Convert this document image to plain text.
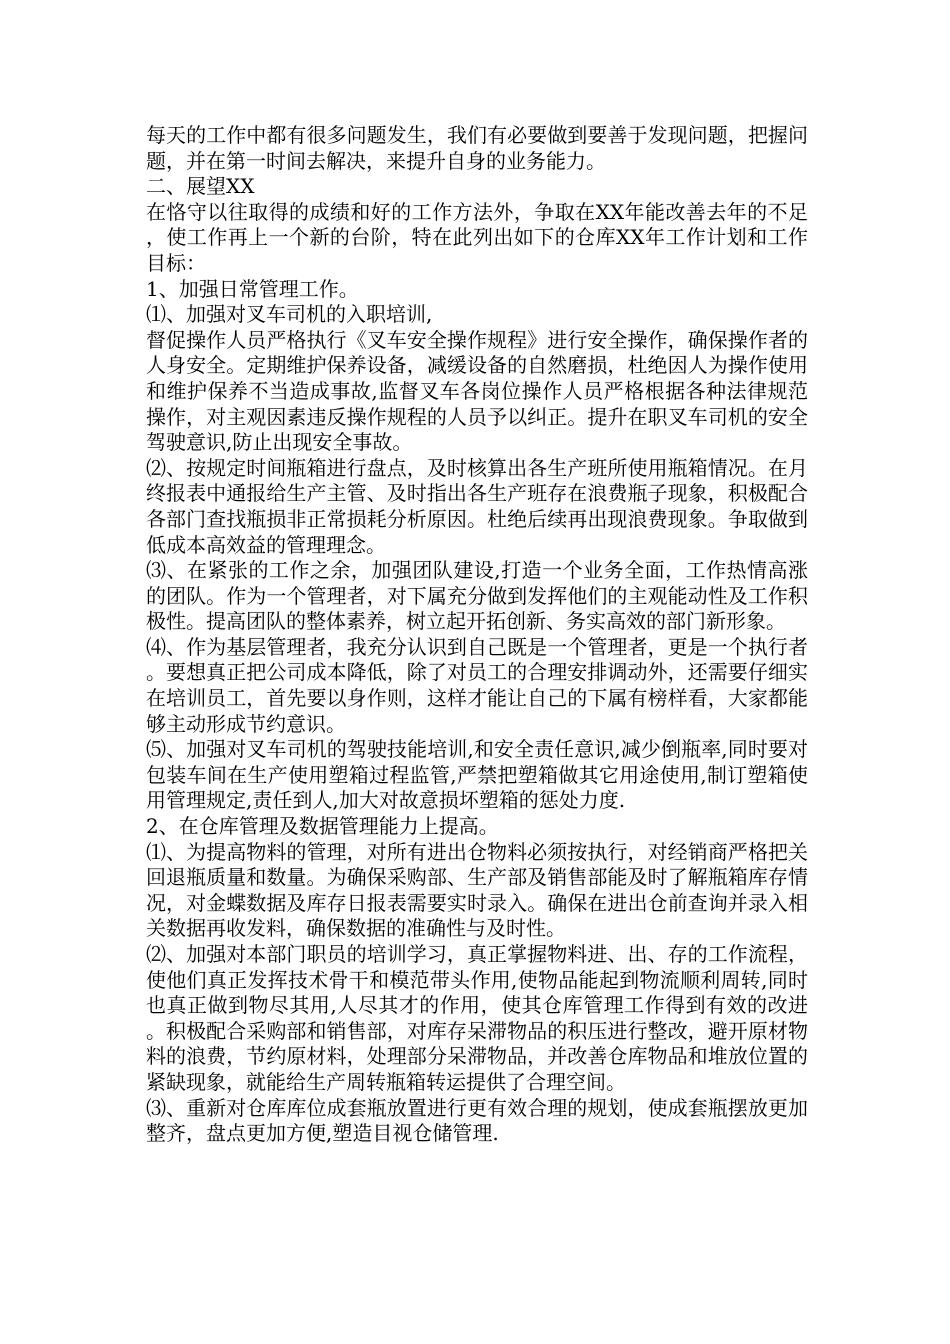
每天的工作中都有很多问题发生，我们有必要做到要善于发现问题，把握问题，并在第一时间去解决，来提升自身的业务能力。

二、展望XX

在恪守以往取得的成绩和好的工作方法外，争取在XX年能改善去年的不足，使工作再上一个新的台阶，特在此列出如下的仓库XX年工作计划和工作目标：

1、加强日常管理工作。

⑴、加强对叉车司机的入职培训,

督促操作人员严格执行《叉车安全操作规程》进行安全操作，确保操作者的人身安全。定期维护保养设备，减缓设备的自然磨损，杜绝因人为操作使用和维护保养不当造成事故,监督叉车各岗位操作人员严格根据各种法律规范操作，对主观因素违反操作规程的人员予以纠正。提升在职叉车司机的安全驾驶意识,防止出现安全事故。

⑵、按规定时间瓶箱进行盘点，及时核算出各生产班所使用瓶箱情况。在月终报表中通报给生产主管、及时指出各生产班存在浪费瓶子现象，积极配合各部门查找瓶损非正常损耗分析原因。杜绝后续再出现浪费现象。争取做到低成本高效益的管理理念。

⑶、在紧张的工作之余，加强团队建设,打造一个业务全面，工作热情高涨的团队。作为一个管理者，对下属充分做到发挥他们的主观能动性及工作积极性。提高团队的整体素养，树立起开拓创新、务实高效的部门新形象。

⑷、作为基层管理者，我充分认识到自己既是一个管理者，更是一个执行者。要想真正把公司成本降低，除了对员工的合理安排调动外，还需要仔细实在培训员工，首先要以身作则，这样才能让自己的下属有榜样看，大家都能够主动形成节约意识。

⑸、加强对叉车司机的驾驶技能培训,和安全责任意识,减少倒瓶率,同时要对包装车间在生产使用塑箱过程监管,严禁把塑箱做其它用途使用,制订塑箱使用管理规定,责任到人,加大对故意损坏塑箱的惩处力度.

2、在仓库管理及数据管理能力上提高。

⑴、为提高物料的管理，对所有进出仓物料必须按执行，对经销商严格把关回退瓶质量和数量。为确保采购部、生产部及销售部能及时了解瓶箱库存情况，对金蝶数据及库存日报表需要实时录入。确保在进出仓前查询并录入相关数据再收发料，确保数据的准确性与及时性。

⑵、加强对本部门职员的培训学习，真正掌握物料进、出、存的工作流程，使他们真正发挥技术骨干和模范带头作用,使物品能起到物流顺利周转,同时也真正做到物尽其用,人尽其才的作用，使其仓库管理工作得到有效的改进。积极配合采购部和销售部，对库存呆滞物品的积压进行整改，避开原材物料的浪费，节约原材料，处理部分呆滞物品，并改善仓库物品和堆放位置的紧缺现象，就能给生产周转瓶箱转运提供了合理空间。

⑶、重新对仓库库位成套瓶放置进行更有效合理的规划，使成套瓶摆放更加整齐，盘点更加方便,塑造目视仓储管理.
